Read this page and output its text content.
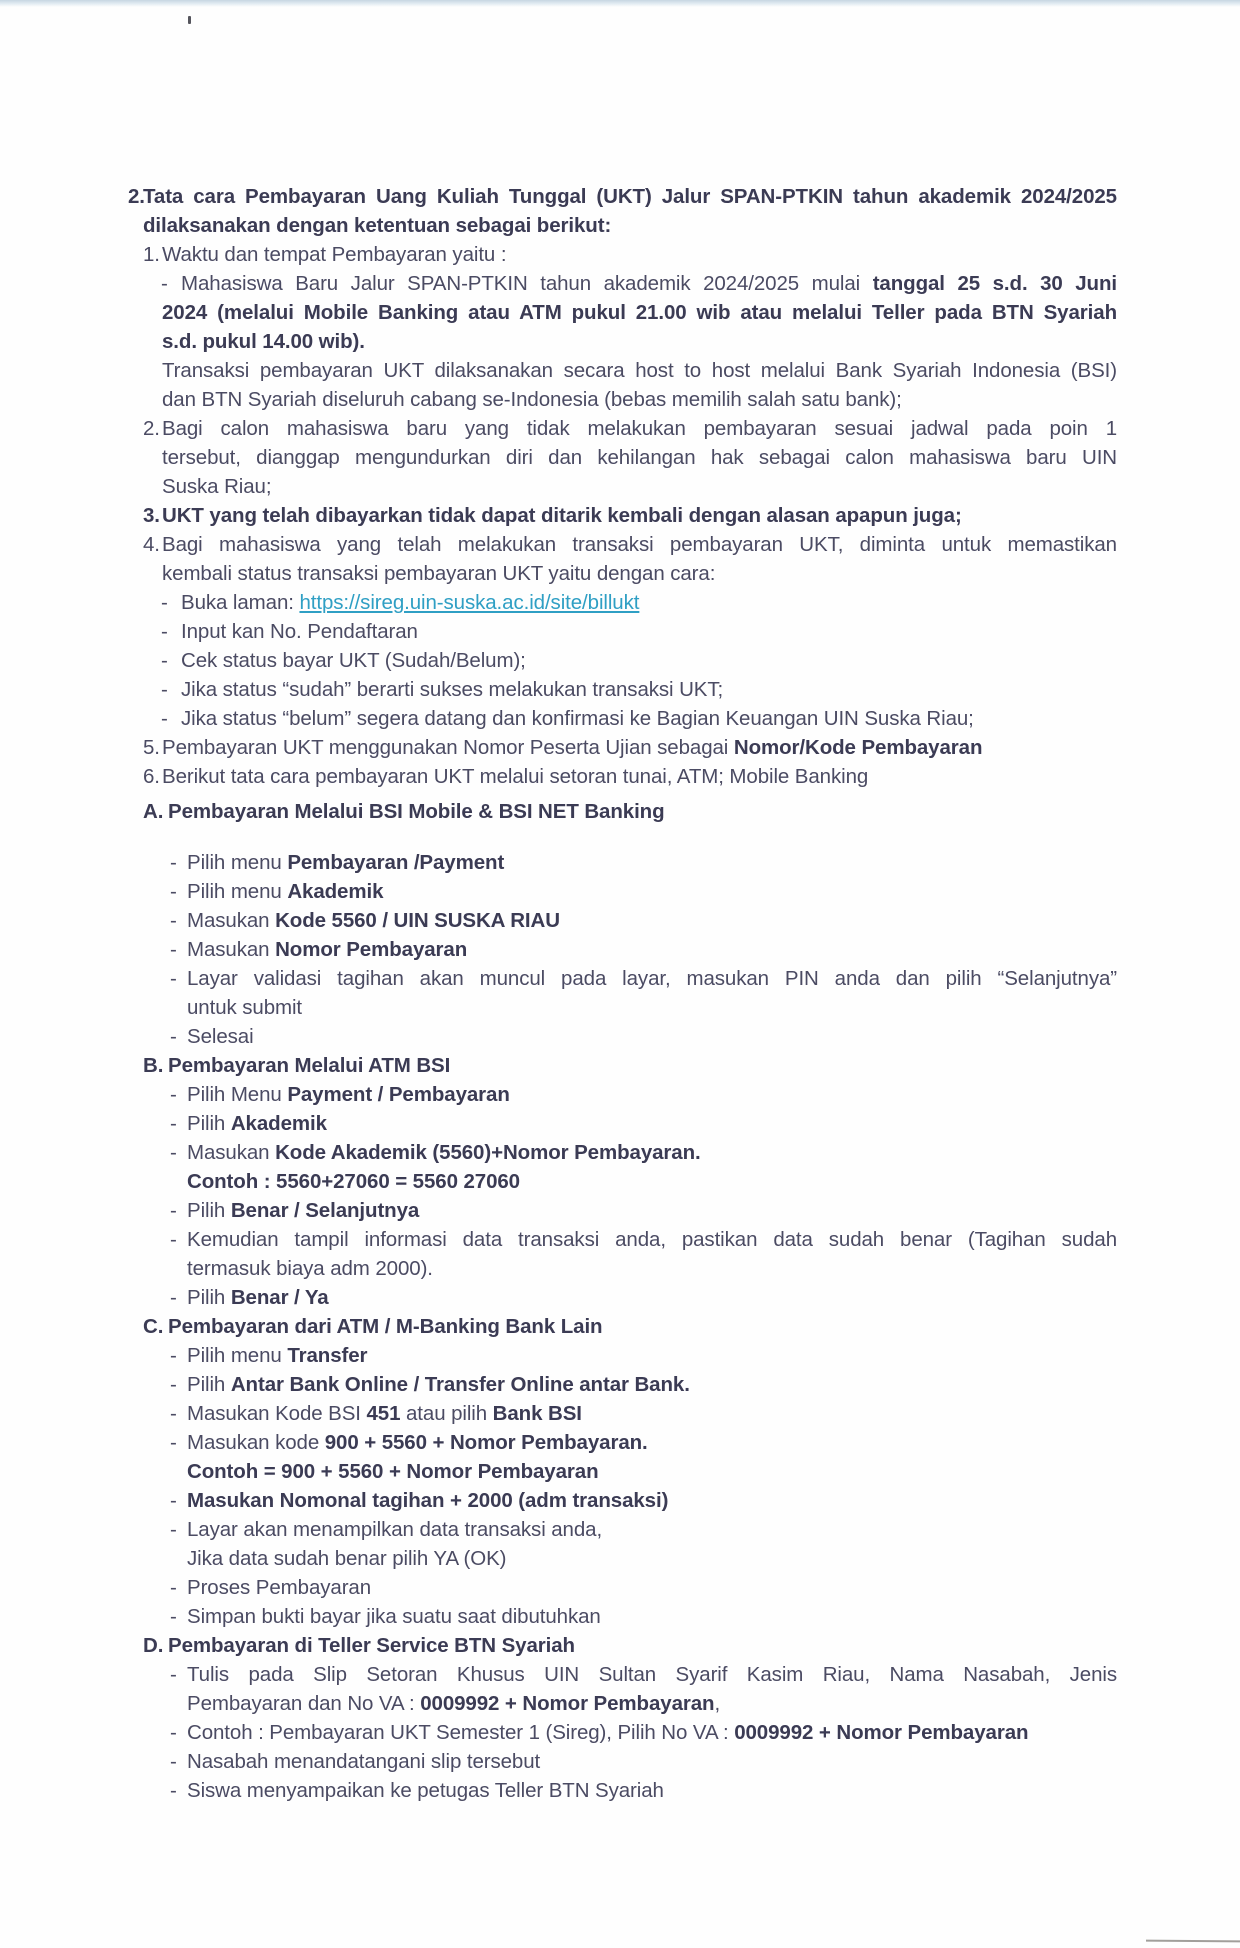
2.
Tata cara Pembayaran Uang Kuliah Tunggal (UKT) Jalur SPAN-PTKIN tahun akademik 2024/2025
dilaksanakan dengan ketentuan sebagai berikut:
1. Waktu dan tempat Pembayaran yaitu :
- Mahasiswa Baru Jalur SPAN-PTKIN tahun akademik 2024/2025 mulai tanggal 25 s.d. 30 Juni
2024 (melalui Mobile Banking atau ATM pukul 21.00 wib atau melalui Teller pada BTN Syariah
s.d. pukul 14.00 wib).
Transaksi pembayaran UKT dilaksanakan secara host to host melalui Bank Syariah Indonesia (BSI)
dan BTN Syariah diseluruh cabang se-Indonesia (bebas memilih salah satu bank);
2. Bagi calon mahasiswa baru yang tidak melakukan pembayaran sesuai jadwal pada poin 1
tersebut, dianggap mengundurkan diri dan kehilangan hak sebagai calon mahasiswa baru UIN
Suska Riau;
3. UKT yang telah dibayarkan tidak dapat ditarik kembali dengan alasan apapun juga;
4. Bagi mahasiswa yang telah melakukan transaksi pembayaran UKT, diminta untuk memastikan
kembali status transaksi pembayaran UKT yaitu dengan cara:
- Buka laman: https://sireg.uin-suska.ac.id/site/billukt
- Input kan No. Pendaftaran
- Cek status bayar UKT (Sudah/Belum);
- Jika status “sudah” berarti sukses melakukan transaksi UKT;
- Jika status “belum” segera datang dan konfirmasi ke Bagian Keuangan UIN Suska Riau;
5. Pembayaran UKT menggunakan Nomor Peserta Ujian sebagai Nomor/Kode Pembayaran
6. Berikut tata cara pembayaran UKT melalui setoran tunai, ATM; Mobile Banking
A. Pembayaran Melalui BSI Mobile & BSI NET Banking
- Pilih menu Pembayaran /Payment
- Pilih menu Akademik
- Masukan Kode 5560 / UIN SUSKA RIAU
- Masukan Nomor Pembayaran
- Layar validasi tagihan akan muncul pada layar, masukan PIN anda dan pilih “Selanjutnya”
untuk submit
- Selesai
B. Pembayaran Melalui ATM BSI
- Pilih Menu Payment / Pembayaran
- Pilih Akademik
- Masukan Kode Akademik (5560)+Nomor Pembayaran.
Contoh : 5560+27060 = 5560 27060
- Pilih Benar / Selanjutnya
- Kemudian tampil informasi data transaksi anda, pastikan data sudah benar (Tagihan sudah
termasuk biaya adm 2000).
- Pilih Benar / Ya
C. Pembayaran dari ATM / M-Banking Bank Lain
- Pilih menu Transfer
- Pilih Antar Bank Online / Transfer Online antar Bank.
- Masukan Kode BSI 451 atau pilih Bank BSI
- Masukan kode 900 + 5560 + Nomor Pembayaran.
Contoh = 900 + 5560 + Nomor Pembayaran
- Masukan Nomonal tagihan + 2000 (adm transaksi)
- Layar akan menampilkan data transaksi anda,
Jika data sudah benar pilih YA (OK)
- Proses Pembayaran
- Simpan bukti bayar jika suatu saat dibutuhkan
D. Pembayaran di Teller Service BTN Syariah
- Tulis pada Slip Setoran Khusus UIN Sultan Syarif Kasim Riau, Nama Nasabah, Jenis
Pembayaran dan No VA : 0009992 + Nomor Pembayaran,
- Contoh : Pembayaran UKT Semester 1 (Sireg), Pilih No VA : 0009992 + Nomor Pembayaran
- Nasabah menandatangani slip tersebut
- Siswa menyampaikan ke petugas Teller BTN Syariah
